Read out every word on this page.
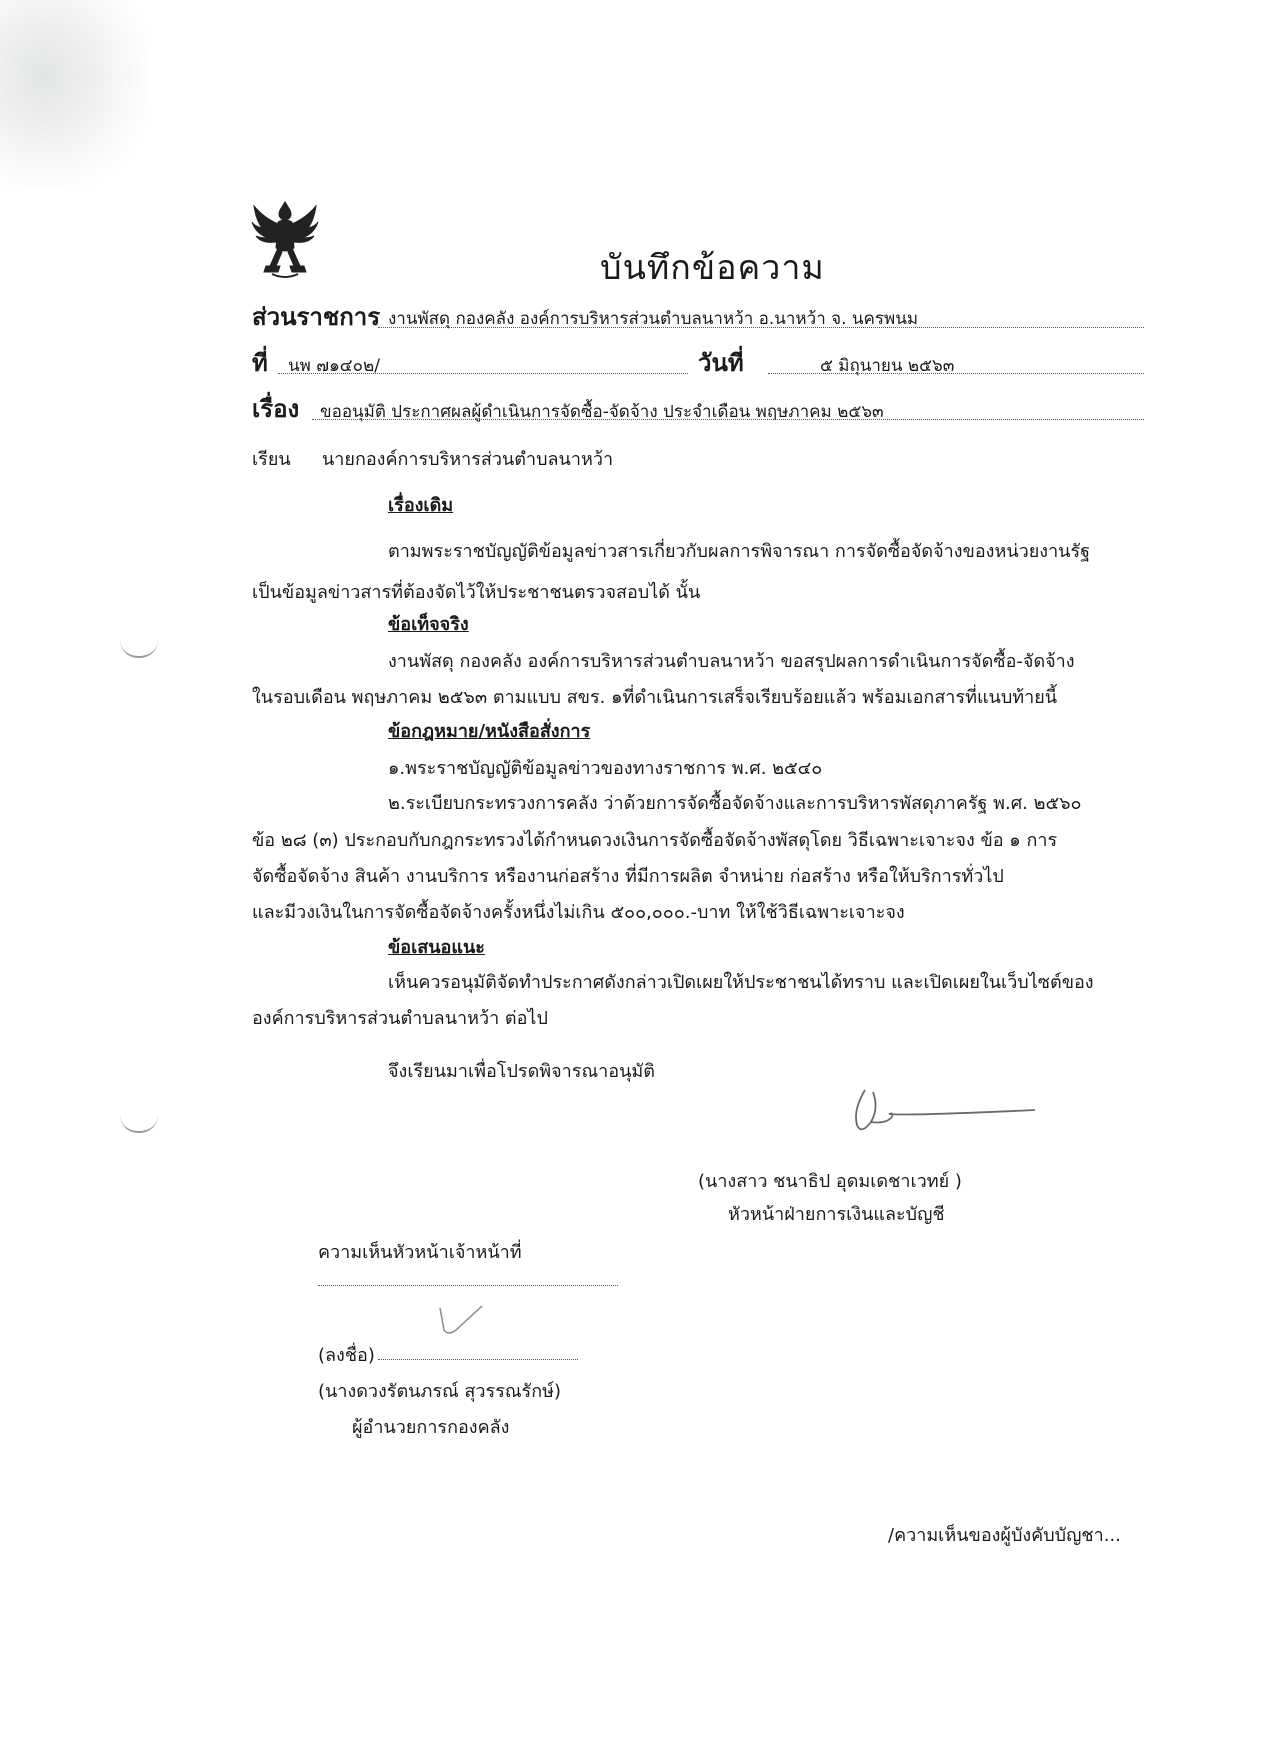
บันทึกข้อความ
ส่วนราชการ งานพัสดุ กองคลัง องค์การบริหารส่วนตำบลนาหว้า อ.นาหว้า จ. นครพนม
ที่ นพ ๗๑๔๐๒/	วันที่	๕ มิถุนายน ๒๕๖๓
เรื่อง ขออนุมัติ ประกาศผลผู้ดำเนินการจัดซื้อ-จัดจ้าง ประจำเดือน พฤษภาคม ๒๕๖๓
เรียน นายกองค์การบริหารส่วนตำบลนาหว้า
เรื่องเดิม
ตามพระราชบัญญัติข้อมูลข่าวสารเกี่ยวกับผลการพิจารณา การจัดซื้อจัดจ้างของหน่วยงานรัฐ
เป็นข้อมูลข่าวสารที่ต้องจัดไว้ให้ประชาชนตรวจสอบได้ นั้น
ข้อเท็จจริง
งานพัสดุ กองคลัง องค์การบริหารส่วนตำบลนาหว้า ขอสรุปผลการดำเนินการจัดซื้อ-จัดจ้าง
ในรอบเดือน พฤษภาคม ๒๕๖๓ ตามแบบ สขร. ๑ที่ดำเนินการเสร็จเรียบร้อยแล้ว พร้อมเอกสารที่แนบท้ายนี้
ข้อกฎหมาย/หนังสือสั่งการ
๑.พระราชบัญญัติข้อมูลข่าวของทางราชการ พ.ศ. ๒๕๔๐
๒.ระเบียบกระทรวงการคลัง ว่าด้วยการจัดซื้อจัดจ้างและการบริหารพัสดุภาครัฐ พ.ศ. ๒๕๖๐
ข้อ ๒๘ (๓) ประกอบกับกฎกระทรวงได้กำหนดวงเงินการจัดซื้อจัดจ้างพัสดุโดย วิธีเฉพาะเจาะจง ข้อ ๑ การ
จัดซื้อจัดจ้าง สินค้า งานบริการ หรืองานก่อสร้าง ที่มีการผลิต จำหน่าย ก่อสร้าง หรือให้บริการทั่วไป
และมีวงเงินในการจัดซื้อจัดจ้างครั้งหนึ่งไม่เกิน ๕๐๐,๐๐๐.-บาท ให้ใช้วิธีเฉพาะเจาะจง
ข้อเสนอแนะ
เห็นควรอนุมัติจัดทำประกาศดังกล่าวเปิดเผยให้ประชาชนได้ทราบ และเปิดเผยในเว็บไซต์ของ
องค์การบริหารส่วนตำบลนาหว้า ต่อไป
จึงเรียนมาเพื่อโปรดพิจารณาอนุมัติ
(นางสาว ชนาธิป อุดมเดชาเวทย์ )
หัวหน้าฝ่ายการเงินและบัญชี
ความเห็นหัวหน้าเจ้าหน้าที่
(ลงชื่อ)
(นางดวงรัตนภรณ์ สุวรรณรักษ์)
ผู้อำนวยการกองคลัง
/ความเห็นของผู้บังคับบัญชา...
